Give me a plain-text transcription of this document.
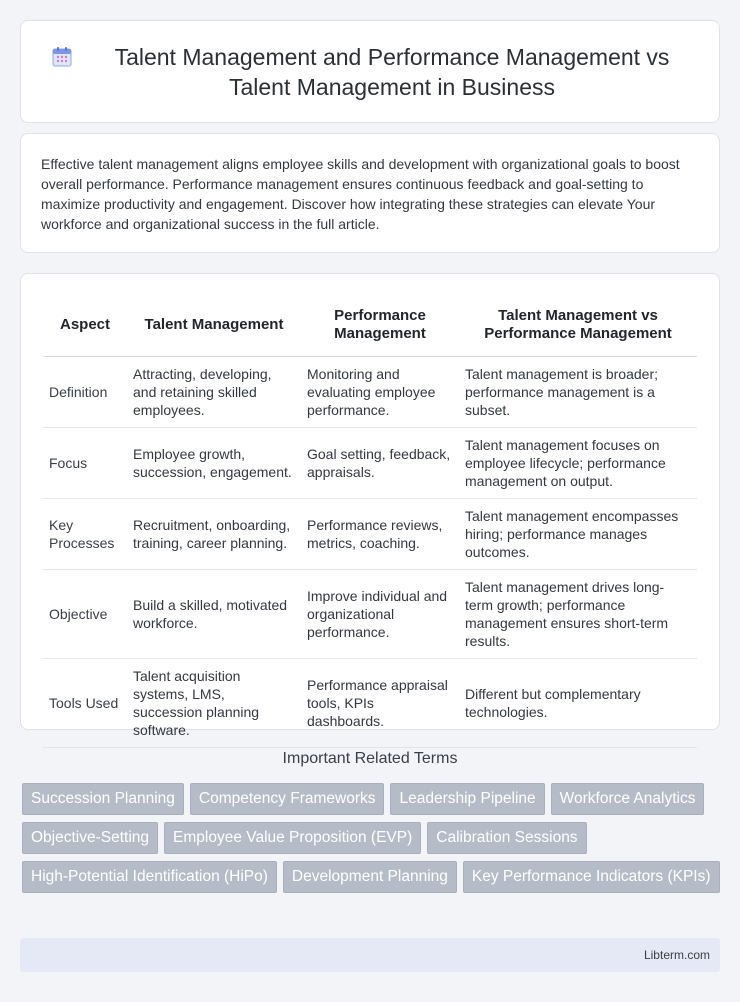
Talent Management and Performance Management vs Talent Management in Business

Effective talent management aligns employee skills and development with organizational goals to boost overall performance. Performance management ensures continuous feedback and goal-setting to maximize productivity and engagement. Discover how integrating these strategies can elevate Your workforce and organizational success in the full article.

Aspect	Talent Management	Performance Management	Talent Management vs Performance Management
Definition	Attracting, developing, and retaining skilled employees.	Monitoring and evaluating employee performance.	Talent management is broader; performance management is a subset.
Focus	Employee growth, succession, engagement.	Goal setting, feedback, appraisals.	Talent management focuses on employee lifecycle; performance management on output.
Key Processes	Recruitment, onboarding, training, career planning.	Performance reviews, metrics, coaching.	Talent management encompasses hiring; performance manages outcomes.
Objective	Build a skilled, motivated workforce.	Improve individual and organizational performance.	Talent management drives long-term growth; performance management ensures short-term results.
Tools Used	Talent acquisition systems, LMS, succession planning software.	Performance appraisal tools, KPIs dashboards.	Different but complementary technologies.
Important Related Terms
Succession Planning	Competency Frameworks	Leadership Pipeline	Workforce Analytics
Objective-Setting	Employee Value Proposition (EVP)	Calibration Sessions
High-Potential Identification (HiPo)	Development Planning	Key Performance Indicators (KPIs)
Libterm.com
